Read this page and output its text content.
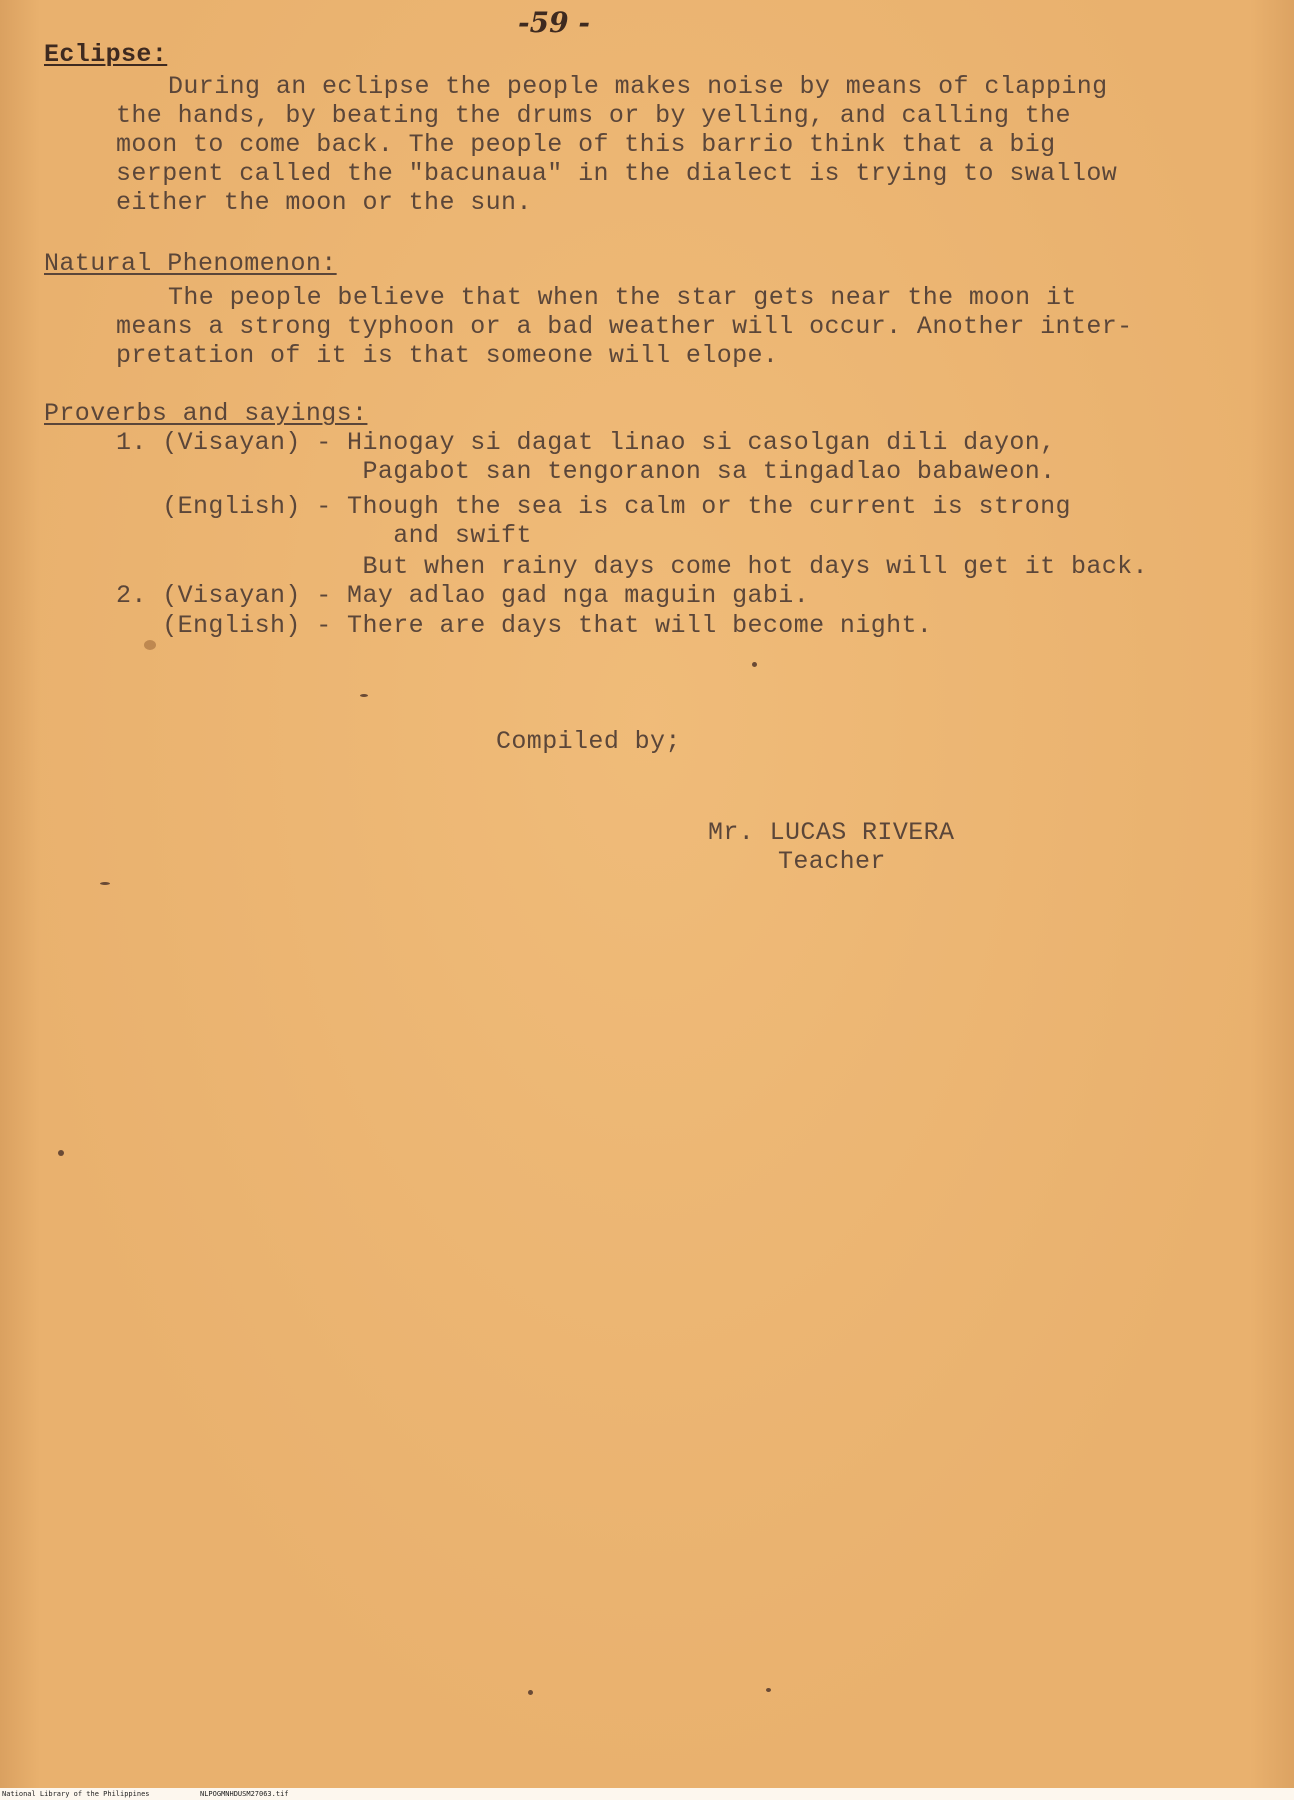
-59 -
Eclipse:
During an eclipse the people makes noise by means of clapping
the hands, by beating the drums or by yelling, and calling the
moon to come back. The people of this barrio think that a big
serpent called the "bacunaua" in the dialect is trying to swallow
either the moon or the sun.
Natural Phenomenon:
The people believe that when the star gets near the moon it
means a strong typhoon or a bad weather will occur. Another inter-
pretation of it is that someone will elope.
Proverbs and sayings:
1. (Visayan) - Hinogay si dagat linao si casolgan dili dayon,
Pagabot san tengoranon sa tingadlao babaweon.
(English) - Though the sea is calm or the current is strong
and swift
But when rainy days come hot days will get it back.
2. (Visayan) - May adlao gad nga maguin gabi.
(English) - There are days that will become night.
Compiled by;
Mr. LUCAS RIVERA
Teacher
National Library of the Philippines	NLPOGMNHDUSM27063.tif
